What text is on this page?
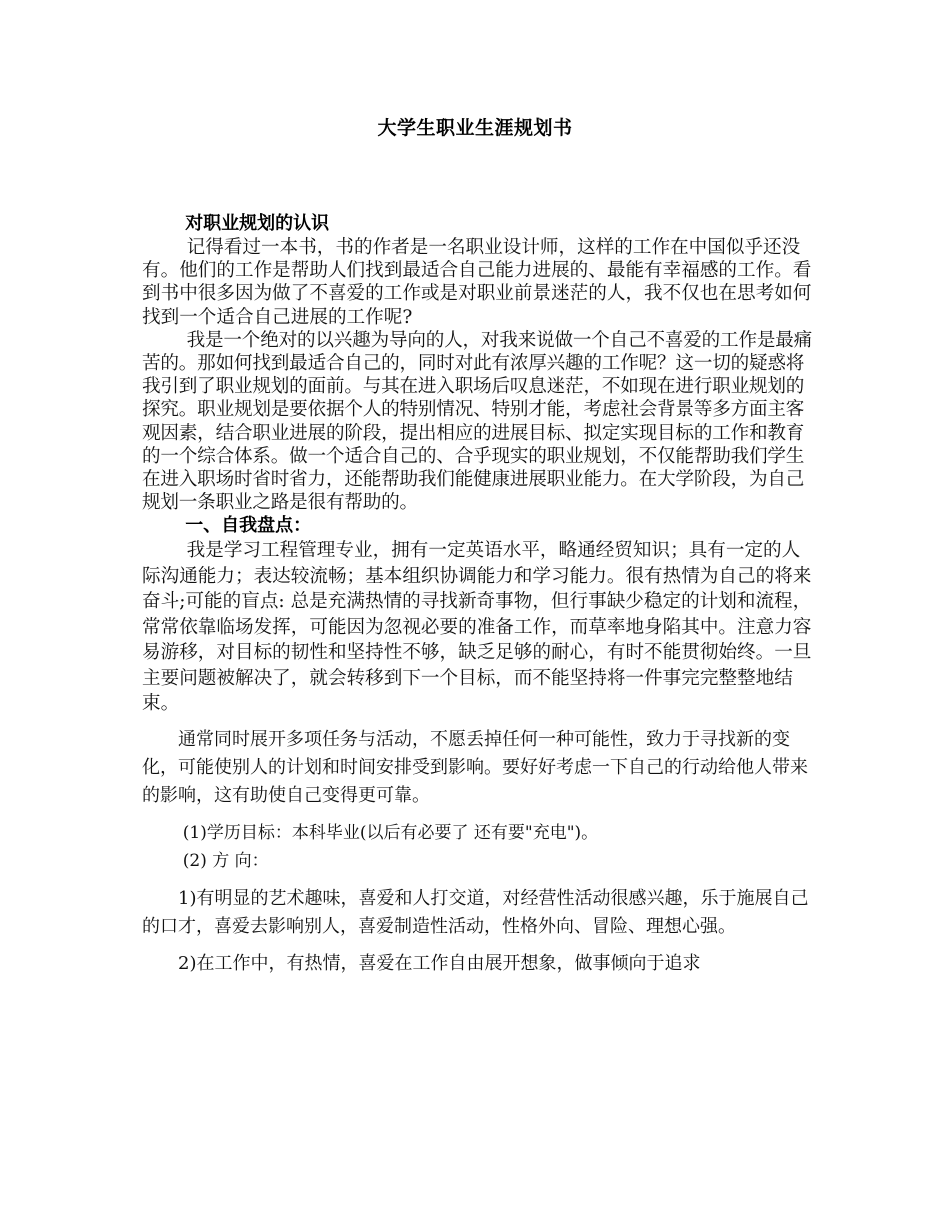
大学生职业生涯规划书

对职业规划的认识

记得看过一本书，书的作者是一名职业设计师，这样的工作在中国似乎还没有。他们的工作是帮助人们找到最适合自己能力进展的、最能有幸福感的工作。看到书中很多因为做了不喜爱的工作或是对职业前景迷茫的人，我不仅也在思考如何找到一个适合自己进展的工作呢?

我是一个绝对的以兴趣为导向的人，对我来说做一个自己不喜爱的工作是最痛苦的。那如何找到最适合自己的，同时对此有浓厚兴趣的工作呢？这一切的疑惑将我引到了职业规划的面前。与其在进入职场后叹息迷茫，不如现在进行职业规划的探究。职业规划是要依据个人的特别情况、特别才能，考虑社会背景等多方面主客观因素，结合职业进展的阶段，提出相应的进展目标、拟定实现目标的工作和教育的一个综合体系。做一个适合自己的、合乎现实的职业规划，不仅能帮助我们学生在进入职场时省时省力，还能帮助我们能健康进展职业能力。在大学阶段，为自己规划一条职业之路是很有帮助的。

一、自我盘点：

我是学习工程管理专业，拥有一定英语水平，略通经贸知识；具有一定的人际沟通能力；表达较流畅；基本组织协调能力和学习能力。很有热情为自己的将来奋斗;可能的盲点: 总是充满热情的寻找新奇事物，但行事缺少稳定的计划和流程，常常依靠临场发挥，可能因为忽视必要的准备工作，而草率地身陷其中。注意力容易游移，对目标的韧性和坚持性不够，缺乏足够的耐心，有时不能贯彻始终。一旦主要问题被解决了，就会转移到下一个目标，而不能坚持将一件事完完整整地结束。

通常同时展开多项任务与活动，不愿丢掉任何一种可能性，致力于寻找新的变化，可能使别人的计划和时间安排受到影响。要好好考虑一下自己的行动给他人带来的影响，这有助使自己变得更可靠。

(1)学历目标：本科毕业(以后有必要了 还有要"充电")。

(2) 方 向：

1)有明显的艺术趣味，喜爱和人打交道，对经营性活动很感兴趣，乐于施展自己的口才，喜爱去影响别人，喜爱制造性活动，性格外向、冒险、理想心强。

2)在工作中，有热情，喜爱在工作自由展开想象，做事倾向于追求
